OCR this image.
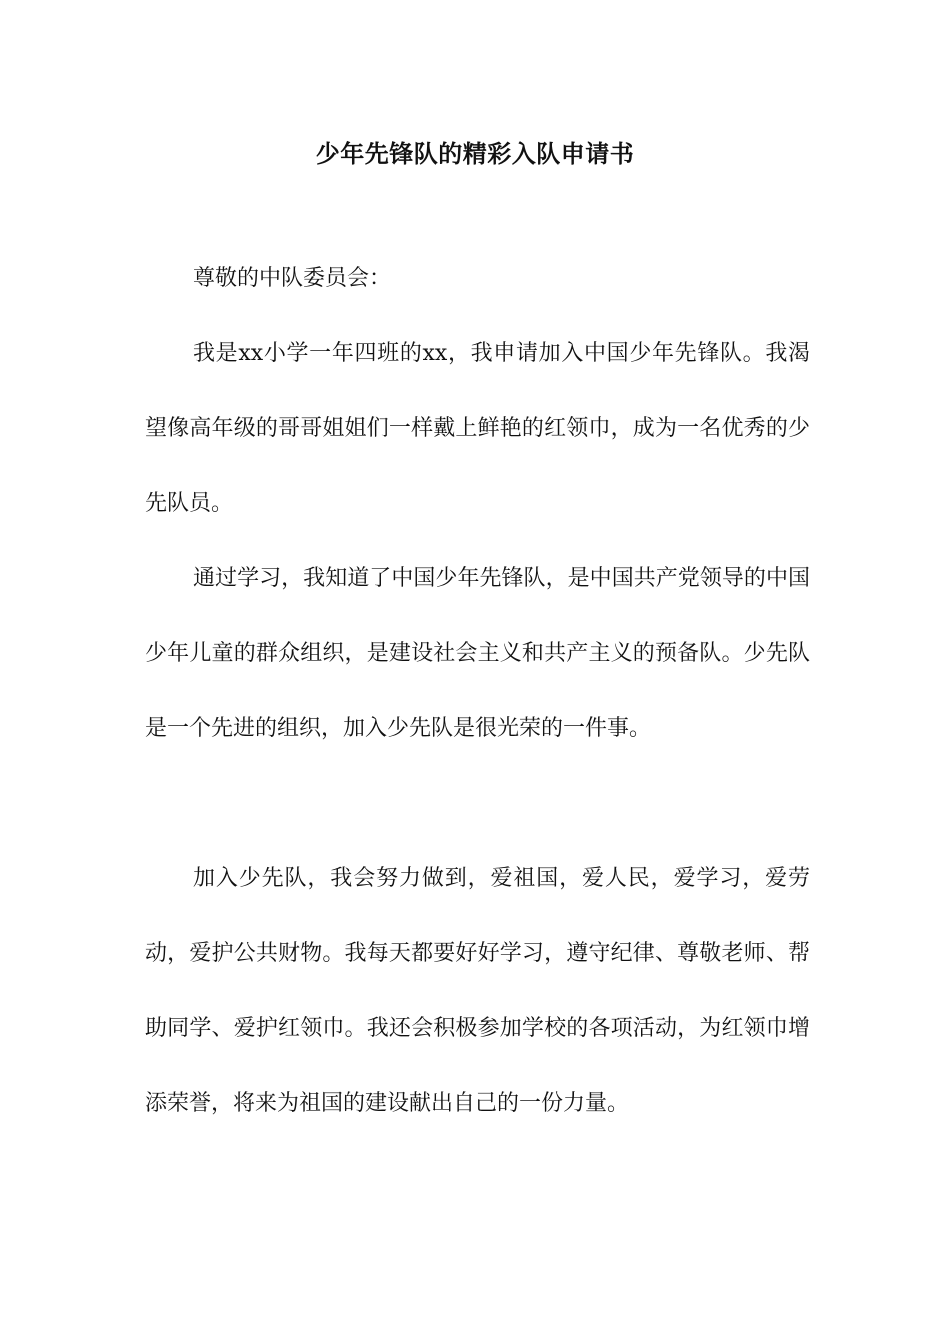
少年先锋队的精彩入队申请书

尊敬的中队委员会：

我是xx小学一年四班的xx，我申请加入中国少年先锋队。我渴望像高年级的哥哥姐姐们一样戴上鲜艳的红领巾，成为一名优秀的少先队员。

通过学习，我知道了中国少年先锋队，是中国共产党领导的中国少年儿童的群众组织，是建设社会主义和共产主义的预备队。少先队是一个先进的组织，加入少先队是很光荣的一件事。

加入少先队，我会努力做到，爱祖国，爱人民，爱学习，爱劳动，爱护公共财物。我每天都要好好学习，遵守纪律、尊敬老师、帮助同学、爱护红领巾。我还会积极参加学校的各项活动，为红领巾增添荣誉，将来为祖国的建设献出自己的一份力量。
